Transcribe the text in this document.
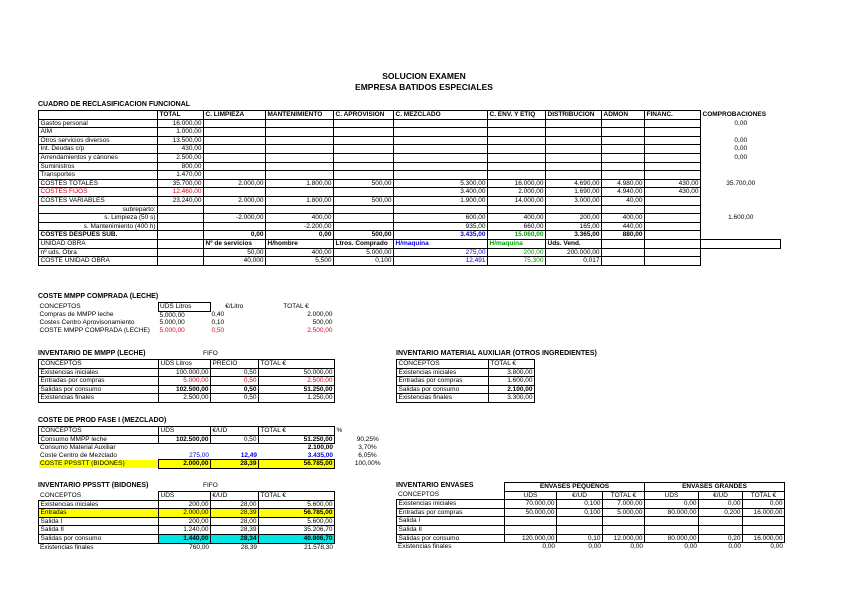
SOLUCION EXAMEN
EMPRESA BATIDOS ESPECIALES
CUADRO DE RECLASIFICACION FUNCIONAL
	TOTAL	C. LIMPIEZA	MANTENIMIENTO	C. APROVISION	C. MEZCLADO	C. ENV. Y ETIQ	DISTRIBUCION	ADMON	FINANC.	COMPROBACIONES
Gastos personal	16.000,00									0,00
AIM	1.000,00									
Otros servicios diversos	13.500,00									0,00
Int. Deudas c/p	430,00									0,00
Arrendamientos y cánones	2.500,00									0,00
Suministros	800,00									
Transportes	1.470,00									
COSTES TOTALES	35.700,00	2.000,00	1.800,00	500,00	5.300,00	16.000,00	4.690,00	4.980,00	430,00	35.700,00
COSTES FIJOS	12.460,00				3.400,00	2.000,00	1.690,00	4.940,00	430,00	
COSTES VARIABLES	23.240,00	2.000,00	1.800,00	500,00	1.900,00	14.000,00	3.000,00	40,00		
subreparto:										
s. Limpieza (50 s)		-2.000,00	400,00		600,00	400,00	200,00	400,00		1.600,00
s. Mantenimiento (400 h)			-2.200,00		935,00	660,00	165,00	440,00		
COSTES DESPUES SUB.		0,00	0,00	500,00	3.435,00	15.060,00	3.365,00	880,00		
UNIDAD OBRA		Nº de servicios	H/hombre	Ltros. Comprado	H/maquina	H/maquina	Uds. Vend.			
nº uds. Obra		50,00	400,00	5.000,00	275,00	200,00	200.000,00			
COSTE UNIDAD OBRA		40,000	5,500	0,100	12,491	75,300	0,017			
COSTE MMPP COMPRADA (LECHE)
CONCEPTOS	UDS Litros	€/Litro	TOTAL €
Compras de MMPP leche	5.000,00	0,40	2.000,00
Costes Centro Aprovisonamiento	5.000,00	0,10	500,00
COSTE MMPP COMPRADA (LECHE)	5.000,00	0,50	2.500,00
INVENTARIO DE MMPP (LECHE)	FIFO
CONCEPTOS	UDS Litros	PRECIO	TOTAL €
Existencias iniciales	100.000,00	0,50	50.000,00
Entradas por compras	5.000,00	0,50	2.500,00
Salidas por consumo	102.500,00	0,50	51.250,00
Existencias finales	2.500,00	0,50	1.250,00
INVENTARIO MATERIAL AUXILIAR (OTROS INGREDIENTES)
CONCEPTOS	TOTAL €
Existencias iniciales	3.800,00
Entradas por compras	1.600,00
Salidas por consumo	2.100,00
Existencias finales	3.300,00
COSTE DE PROD FASE I (MEZCLADO)
CONCEPTOS	UDS	€/UD	TOTAL €	%
Consumo MMPP leche	102.500,00	0,50	51.250,00	90,25%
Consumo Material Auxiliar			2.100,00	3,70%
Coste Centro de Mezclado	275,00	12,49	3.435,00	6,05%
COSTE PPSSTT (BIDONES)	2.000,00	28,39	56.785,00	100,00%
INVENTARIO PPSSTT (BIDONES)	FIFO
CONCEPTOS	UDS	€/UD	TOTAL €
Existencias iniciales	200,00	28,00	5.600,00
Entradas	2.000,00	28,39	56.785,00
Salida I	200,00	28,00	5.600,00
Salida II	1.240,00	28,39	35.206,70
Salidas por consumo	1.440,00	28,34	40.806,70
Existencias finales	760,00	28,39	21.578,30
INVENTARIO ENVASES
		ENVASES PEQUEÑOS			ENVASES GRANDES		
CONCEPTOS	UDS	€/UD	TOTAL €	UDS	€/UD	TOTAL €
Existencias iniciales	70.000,00	0,100	7.000,00	0,00	0,00	0,00
Entradas por compras	50.000,00	0,100	5.000,00	80.000,00	0,200	16.000,00
Salida I						
Salida II						
Salidas por consumo	120.000,00	0,10	12.000,00	80.000,00	0,20	16.000,00
Existencias finales	0,00	0,00	0,00	0,00	0,00	0,00
